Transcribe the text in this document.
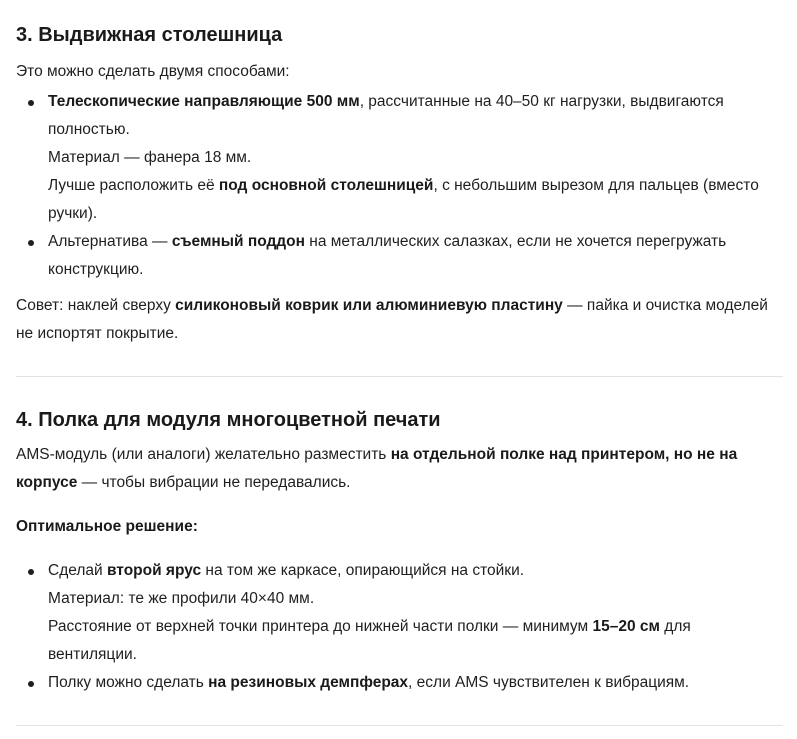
3. Выдвижная столешница

Это можно сделать двумя способами:

Телескопические направляющие 500 мм, рассчитанные на 40–50 кг нагрузки, выдвигаются полностью.
Материал — фанера 18 мм.
Лучше расположить её под основной столешницей, с небольшим вырезом для пальцев (вместо ручки).
Альтернатива — съемный поддон на металлических салазках, если не хочется перегружать конструкцию.

Совет: наклей сверху силиконовый коврик или алюминиевую пластину — пайка и очистка моделей не испортят покрытие.

4. Полка для модуля многоцветной печати

AMS-модуль (или аналоги) желательно разместить на отдельной полке над принтером, но не на корпусе — чтобы вибрации не передавались.

Оптимальное решение:

Сделай второй ярус на том же каркасе, опирающийся на стойки.
Материал: те же профили 40×40 мм.
Расстояние от верхней точки принтера до нижней части полки — минимум 15–20 см для вентиляции.
Полку можно сделать на резиновых демпферах, если AMS чувствителен к вибрациям.
